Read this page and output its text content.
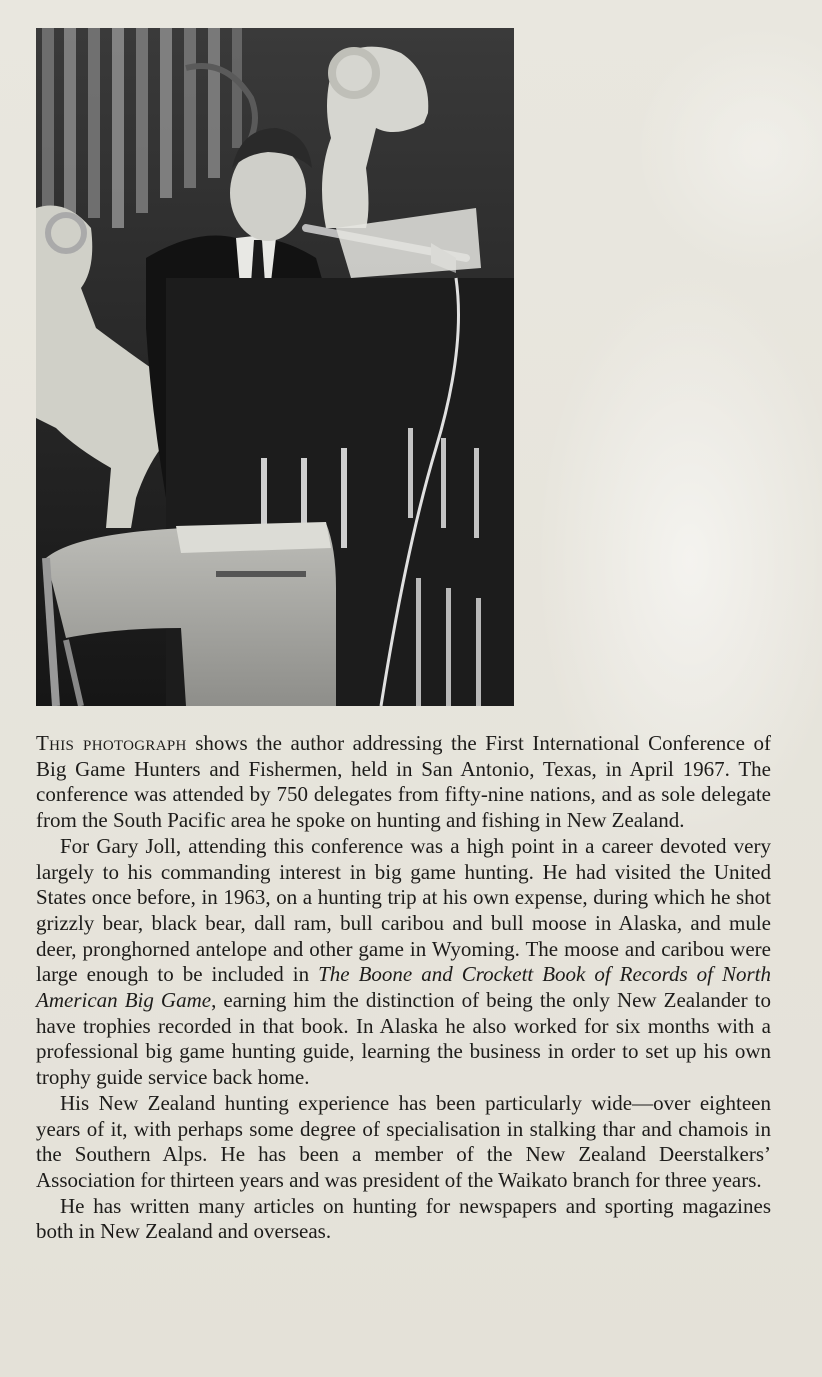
This photograph shows the author addressing the First International Conference of Big Game Hunters and Fishermen, held in San Antonio, Texas, in April 1967. The conference was attended by 750 delegates from fifty-nine nations, and as sole delegate from the South Pacific area he spoke on hunting and fishing in New Zealand.

For Gary Joll, attending this conference was a high point in a career devoted very largely to his commanding interest in big game hunting. He had visited the United States once before, in 1963, on a hunting trip at his own expense, during which he shot grizzly bear, black bear, dall ram, bull caribou and bull moose in Alaska, and mule deer, pronghorned antelope and other game in Wyoming. The moose and caribou were large enough to be included in The Boone and Crockett Book of Records of North American Big Game, earning him the distinction of being the only New Zealander to have trophies recorded in that book. In Alaska he also worked for six months with a professional big game hunting guide, learning the business in order to set up his own trophy guide service back home.

His New Zealand hunting experience has been particularly wide—over eighteen years of it, with perhaps some degree of specialisation in stalking thar and chamois in the Southern Alps. He has been a member of the New Zealand Deerstalkers’ Association for thirteen years and was president of the Waikato branch for three years.

He has written many articles on hunting for newspapers and sporting magazines both in New Zealand and overseas.
